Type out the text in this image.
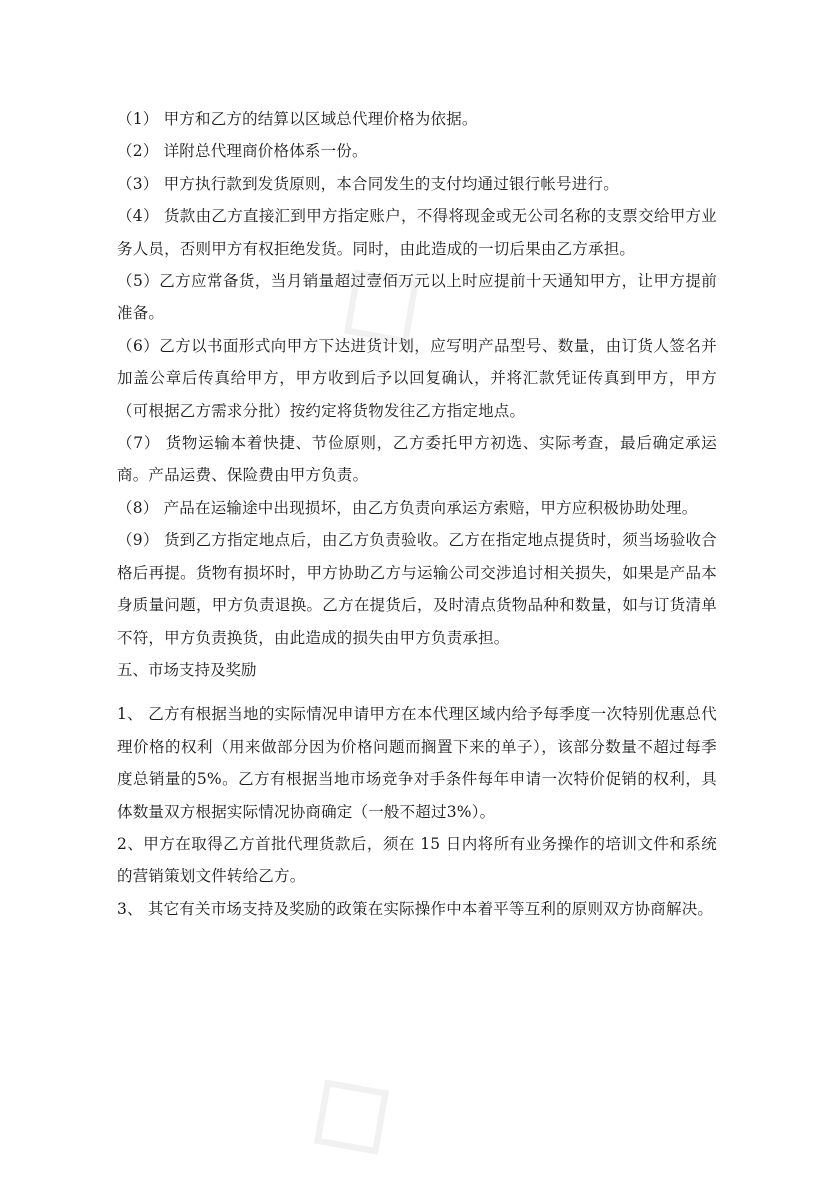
◇
◇

（1） 甲方和乙方的结算以区域总代理价格为依据。

（2） 详附总代理商价格体系一份。

（3） 甲方执行款到发货原则，本合同发生的支付均通过银行帐号进行。

（4） 货款由乙方直接汇到甲方指定账户，不得将现金或无公司名称的支票交给甲方业务人员，否则甲方有权拒绝发货。同时，由此造成的一切后果由乙方承担。

（5）乙方应常备货，当月销量超过壹佰万元以上时应提前十天通知甲方，让甲方提前准备。

（6）乙方以书面形式向甲方下达进货计划，应写明产品型号、数量，由订货人签名并加盖公章后传真给甲方，甲方收到后予以回复确认，并将汇款凭证传真到甲方，甲方（可根据乙方需求分批）按约定将货物发往乙方指定地点。

（7） 货物运输本着快捷、节俭原则，乙方委托甲方初选、实际考查，最后确定承运商。产品运费、保险费由甲方负责。

（8） 产品在运输途中出现损坏，由乙方负责向承运方索赔，甲方应积极协助处理。

（9） 货到乙方指定地点后，由乙方负责验收。乙方在指定地点提货时，须当场验收合格后再提。货物有损坏时，甲方协助乙方与运输公司交涉追讨相关损失，如果是产品本身质量问题，甲方负责退换。乙方在提货后，及时清点货物品种和数量，如与订货清单不符，甲方负责换货，由此造成的损失由甲方负责承担。

五、市场支持及奖励

1、 乙方有根据当地的实际情况申请甲方在本代理区域内给予每季度一次特别优惠总代理价格的权利（用来做部分因为价格问题而搁置下来的单子），该部分数量不超过每季度总销量的5%。乙方有根据当地市场竞争对手条件每年申请一次特价促销的权利，具体数量双方根据实际情况协商确定（一般不超过3%）。

2、甲方在取得乙方首批代理货款后，须在 15 日内将所有业务操作的培训文件和系统的营销策划文件转给乙方。

3、 其它有关市场支持及奖励的政策在实际操作中本着平等互利的原则双方协商解决。
